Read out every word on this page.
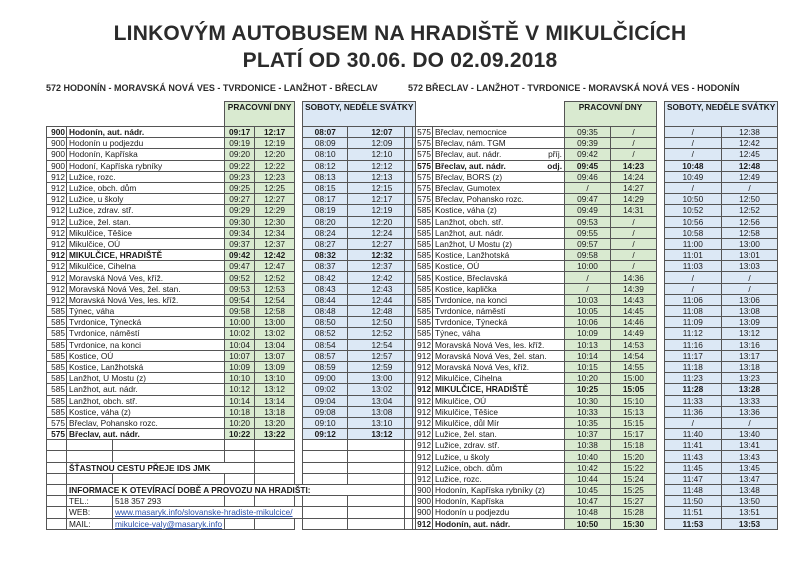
LINKOVÝM AUTOBUSEM NA HRADIŠTĚ V MIKULČICÍCH
PLATÍ OD 30.06. DO 02.09.2018
572 HODONÍN - MORAVSKÁ NOVÁ VES - TVRDONICE - LANŽHOT - BŘECLAV	572 BŘECLAV - LANŽHOT - TVRDONICE - MORAVSKÁ NOVÁ VES - HODONÍN
			PRACOVNÍ DNY			SOBOTY, NEDĚLE SVÁTKY	
900	Hodonín, aut. nádr.		09:17	12:17		08:07	12:07
900	Hodonín u podjezdu		09:19	12:19		08:09	12:09
900	Hodonín, Kapříska		09:20	12:20		08:10	12:10
900	Hodoní, Kapříska rybníky		09:22	12:22		08:12	12:12
912	Lužice, rozc.		09:23	12:23		08:13	12:13
912	Lužice, obch. dům		09:25	12:25		08:15	12:15
912	Lužice, u školy		09:27	12:27		08:17	12:17
912	Lužice, zdrav. stř.		09:29	12:29		08:19	12:19
912	Lužice, žel. stan.		09:30	12:30		08:20	12:20
912	Mikulčice, Těšice		09:34	12:34		08:24	12:24
912	Mikulčice, OÚ		09:37	12:37		08:27	12:27
912	MIKULČICE, HRADIŠTĚ		09:42	12:42		08:32	12:32
912	Mikulčice, Cihelna		09:47	12:47		08:37	12:37
912	Moravská Nová Ves, kříž.		09:52	12:52		08:42	12:42
912	Moravská Nová Ves, žel. stan.		09:53	12:53		08:43	12:43
912	Moravská Nová Ves, les. kříž.		09:54	12:54		08:44	12:44
585	Týnec, váha		09:58	12:58		08:48	12:48
585	Tvrdonice, Týnecká		10:00	13:00		08:50	12:50
585	Tvrdonice, náměstí		10:02	13:02		08:52	12:52
585	Tvrdonice, na konci		10:04	13:04		08:54	12:54
585	Kostice, OÚ		10:07	13:07		08:57	12:57
585	Kostice, Lanžhotská		10:09	13:09		08:59	12:59
585	Lanžhot, U Mostu (z)		10:10	13:10		09:00	13:00
585	Lanžhot, aut. nádr.		10:12	13:12		09:02	13:02
585	Lanžhot, obch. stř.		10:14	13:14		09:04	13:04
585	Kostice, váha (z)		10:18	13:18		09:08	13:08
575	Břeclav, Pohansko rozc.		10:20	13:20		09:10	13:10
575	Břeclav, aut. nádr.		10:22	13:22		09:12	13:12

	ŠŤASTNOU CESTU PŘEJE IDS JMK						

	INFORMACE K OTEVÍRACÍ DOBĚ A PROVOZU NA HRADIŠTI:						
	TEL.:	518 357 293					
	WEB:	www.masaryk.info/slovanske-hradiste-mikulcice/					
	MAIL:	mikulcice-valy@masaryk.info					
			PRACOVNÍ DNY			SOBOTY, NEDĚLE SVÁTKY	
	575	Břeclav, nemocnice	09:35	/		/	12:38
	575	Břeclav, nám. TGM	09:39	/		/	12:42
	575	Břeclav, aut. nádr. příj.	09:42	/		/	12:45
	575	Břeclav, aut. nádr. odj.	09:45	14:23		10:48	12:48
	575	Břeclav, BORS (z)	09:46	14:24		10:49	12:49
	575	Břeclav, Gumotex	/	14:27		/	/
	575	Břeclav, Pohansko rozc.	09:47	14:29		10:50	12:50
	585	Kostice, váha (z)	09:49	14:31		10:52	12:52
	585	Lanžhot, obch. stř.	09:53	/		10:56	12:56
	585	Lanžhot, aut. nádr.	09:55	/		10:58	12:58
	585	Lanžhot, U Mostu (z)	09:57	/		11:00	13:00
	585	Kostice, Lanžhotská	09:58	/		11:01	13:01
	585	Kostice, OÚ	10:00	/		11:03	13:03
	585	Kostice, Břeclavská	/	14:36		/	/
	585	Kostice, kaplička	/	14:39		/	/
	585	Tvrdonice, na konci	10:03	14:43		11:06	13:06
	585	Tvrdonice, náměstí	10:05	14:45		11:08	13:08
	585	Tvrdonice, Týnecká	10:06	14:46		11:09	13:09
	585	Týnec, váha	10:09	14:49		11:12	13:12
	912	Moravská Nová Ves, les. kříž.	10:13	14:53		11:16	13:16
	912	Moravská Nová Ves, žel. stan.	10:14	14:54		11:17	13:17
	912	Moravská Nová Ves, kříž.	10:15	14:55		11:18	13:18
	912	Mikulčice, Cihelna	10:20	15:00		11:23	13:23
	912	MIKULČICE, HRADIŠTĚ	10:25	15:05		11:28	13:28
	912	Mikulčice, OÚ	10:30	15:10		11:33	13:33
	912	Mikulčice, Těšice	10:33	15:13		11:36	13:36
	912	Mikulčice, důl Mír	10:35	15:15		/	/
	912	Lužice, žel. stan.	10:37	15:17		11:40	13:40
	912	Lužice, zdrav. stř.	10:38	15:18		11:41	13:41
	912	Lužice, u školy	10:40	15:20		11:43	13:43
	912	Lužice, obch. dům	10:42	15:22		11:45	13:45
	912	Lužice, rozc.	10:44	15:24		11:47	13:47
	900	Hodonín, Kapříska rybníky (z)	10:45	15:25		11:48	13:48
	900	Hodonín, Kapříska	10:47	15:27		11:50	13:50
	900	Hodonín u podjezdu	10:48	15:28		11:51	13:51
	912	Hodonín, aut. nádr.	10:50	15:30		11:53	13:53
